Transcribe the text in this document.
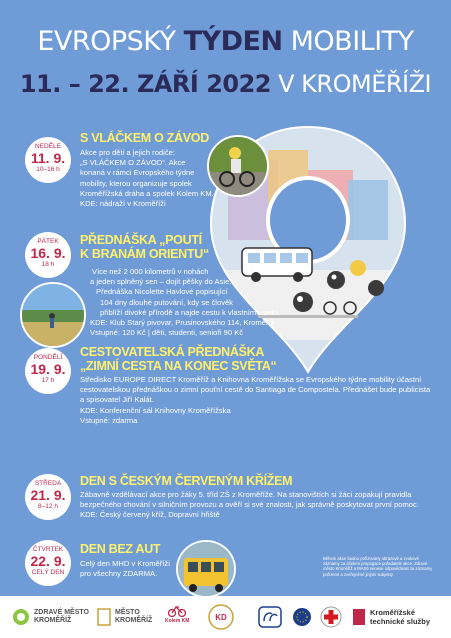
EVROPSKÝ TÝDEN MOBILITY
11. – 22. ZÁŘÍ 2022 V KROMĚŘÍŽI
NEDĚLE
11. 9.
10–16 h
S VLÁČKEM O ZÁVOD
Akce pro děti a jejich rodiče:
„S VLÁČKEM O ZÁVOD“. Akce
konaná v rámci Evropského týdne
mobility, kterou organizuje spolek
Kroměřížská dráha a spolek Kolem KM.
KDE: nádraží v Kroměříži
PÁTEK
16. 9.
18 h
PŘEDNÁŠKA „POUTÍ
K BRANÁM ORIENTU“
Více než 2 000 kilometrů v nohách
a jeden splněný sen – dojít pěšky do Asie.
Přednáška Nicolette Havlové popisující
104 dny dlouhé putování, kdy se člověk
přiblíží divoké přírodě a najde cestu k vlastnímu srdci.
KDE: Klub Starý pivovar, Prusinovského 114, Kroměříž
Vstupné: 120 Kč | děti, studenti, senioři 90 Kč
PONDĚLÍ
19. 9.
17 h
CESTOVATELSKÁ PŘEDNÁŠKA
„ZIMNÍ CESTA NA KONEC SVĚTA“
Středisko EUROPE DIRECT Kroměříž a Knihovna Kroměřížska se Evropského týdne mobility účastní
cestovatelskou přednáškou o zimní pouťní cestě do Santiaga de Compostela. Přednášet bude publicista
a spisovatel Jiří Kalát.
KDE: Konferenční sál Knihovny Kroměřížska
Vstupné: zdarma
STŘEDA
21. 9.
8–12 h
DEN S ČESKÝM ČERVENÝM KŘÍŽEM
Zábavně vzdělávací akce pro žáky 5. tříd ZŠ z Kroměříže. Na stanovištích si žáci zopakují pravidla
bezpečného chování v silničním provozu a ověří si své znalosti, jak správně poskytovat první pomoc.
KDE: Český červený kříž, Dopravní hřiště
ČTVRTEK
22. 9.
CELÝ DEN
DEN BEZ AUT
Celý den MHD v Kroměříži
pro všechny ZDARMA.
Během akce budou pořizovány obrazové a zvukové záznamy za účelem propagace pořadatele akce. Zdravé město Kroměříž a MAS9 nenese odpovědnost za záznamy pořízené a zveřejněné jinými subjekty.
ZDRAVÉ MĚSTO
KROMĚŘÍŽ
MĚSTO
KROMĚŘÍŽ	Kolem KM	KD
Kroměřížské
technické služby
